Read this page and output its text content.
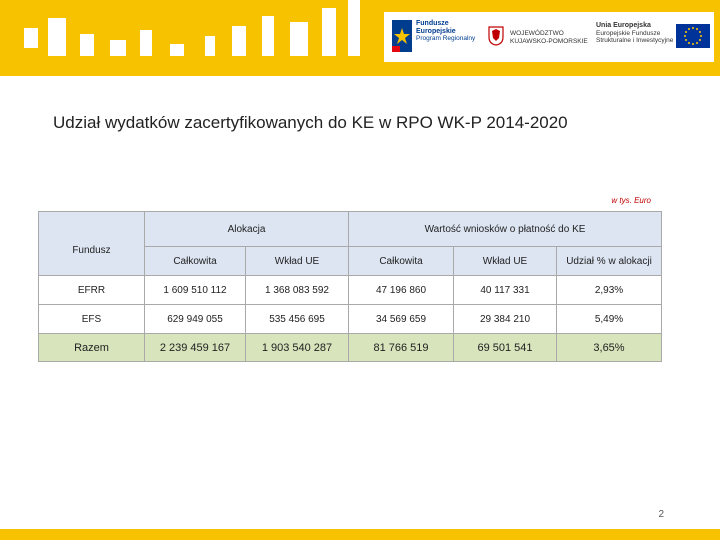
Fundusze
Europejskie
Program Regionalny
WOJEWÓDZTWO
KUJAWSKO-POMORSKIE
Unia Europejska
Europejskie Fundusze
Strukturalne i Inwestycyjne
Udział wydatków zacertyfikowanych do KE w RPO WK-P 2014-2020
w tys. Euro
Fundusz	Alokacja		Wartość wniosków o płatność do KE		
	Całkowita	Wkład UE	Całkowita	Wkład UE	Udział % w alokacji
EFRR	1 609 510 112	1 368 083 592	47 196 860	40 117 331	2,93%
EFS	629 949 055	535 456 695	34 569 659	29 384 210	5,49%
Razem	2 239 459 167	1 903 540 287	81 766 519	69 501 541	3,65%
2
